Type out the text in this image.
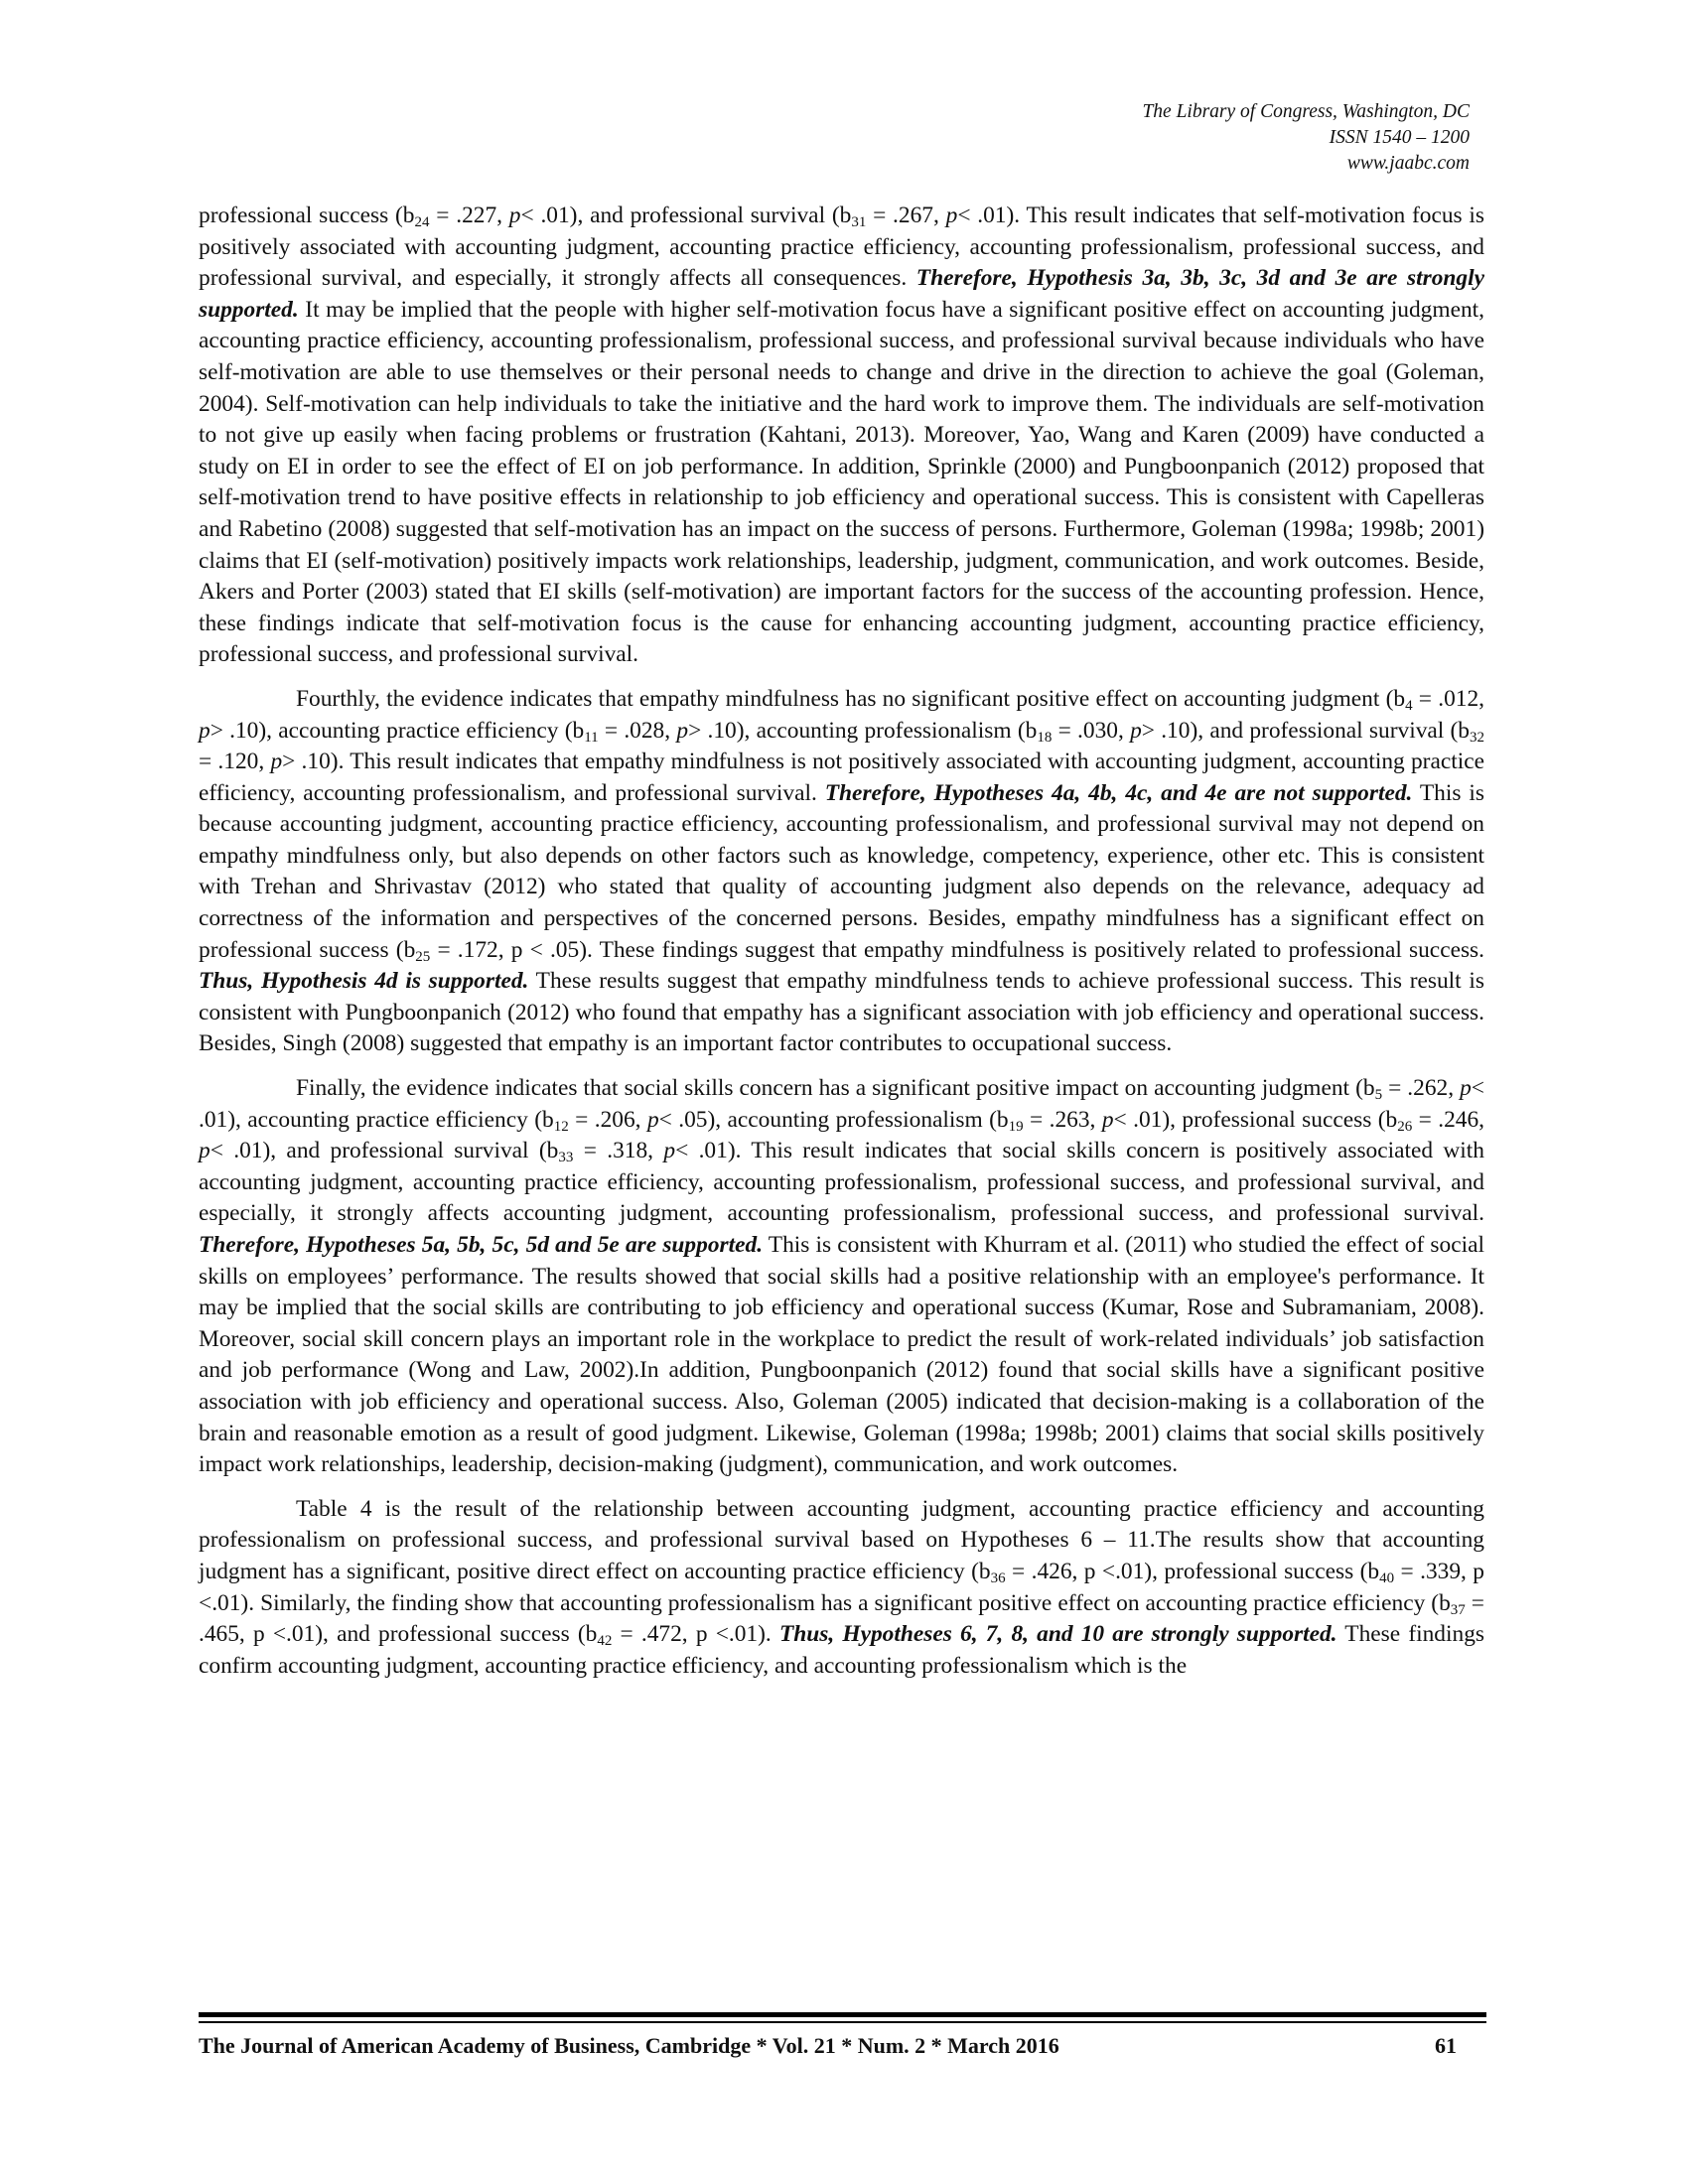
The Library of Congress, Washington, DC
ISSN 1540 – 1200
www.jaabc.com

professional success ($b_{24} = .227$, p< .01), and professional survival ($b_{31} = .267$, p< .01). This result indicates that self-motivation focus is positively associated with accounting judgment, accounting practice efficiency, accounting professionalism, professional success, and professional survival, and especially, it strongly affects all consequences. Therefore, Hypothesis 3a, 3b, 3c, 3d and 3e are strongly supported. It may be implied that the people with higher self-motivation focus have a significant positive effect on accounting judgment, accounting practice efficiency, accounting professionalism, professional success, and professional survival because individuals who have self-motivation are able to use themselves or their personal needs to change and drive in the direction to achieve the goal (Goleman, 2004). Self-motivation can help individuals to take the initiative and the hard work to improve them. The individuals are self-motivation to not give up easily when facing problems or frustration (Kahtani, 2013). Moreover, Yao, Wang and Karen (2009) have conducted a study on EI in order to see the effect of EI on job performance. In addition, Sprinkle (2000) and Pungboonpanich (2012) proposed that self-motivation trend to have positive effects in relationship to job efficiency and operational success. This is consistent with Capelleras and Rabetino (2008) suggested that self-motivation has an impact on the success of persons. Furthermore, Goleman (1998a; 1998b; 2001) claims that EI (self-motivation) positively impacts work relationships, leadership, judgment, communication, and work outcomes. Beside, Akers and Porter (2003) stated that EI skills (self-motivation) are important factors for the success of the accounting profession. Hence, these findings indicate that self-motivation focus is the cause for enhancing accounting judgment, accounting practice efficiency, professional success, and professional survival.

Fourthly, the evidence indicates that empathy mindfulness has no significant positive effect on accounting judgment ($b_4 = .012$, p> .10), accounting practice efficiency ($b_{11} = .028$, p> .10), accounting professionalism ($b_{18} = .030$, p> .10), and professional survival ($b_{32} = .120$, p> .10). This result indicates that empathy mindfulness is not positively associated with accounting judgment, accounting practice efficiency, accounting professionalism, and professional survival. Therefore, Hypotheses 4a, 4b, 4c, and 4e are not supported. This is because accounting judgment, accounting practice efficiency, accounting professionalism, and professional survival may not depend on empathy mindfulness only, but also depends on other factors such as knowledge, competency, experience, other etc. This is consistent with Trehan and Shrivastav (2012) who stated that quality of accounting judgment also depends on the relevance, adequacy ad correctness of the information and perspectives of the concerned persons. Besides, empathy mindfulness has a significant effect on professional success ($b_{25} = .172$, p < .05). These findings suggest that empathy mindfulness is positively related to professional success. Thus, Hypothesis 4d is supported. These results suggest that empathy mindfulness tends to achieve professional success. This result is consistent with Pungboonpanich (2012) who found that empathy has a significant association with job efficiency and operational success. Besides, Singh (2008) suggested that empathy is an important factor contributes to occupational success.

Finally, the evidence indicates that social skills concern has a significant positive impact on accounting judgment ($b_5 = .262$, p< .01), accounting practice efficiency ($b_{12} = .206$, p< .05), accounting professionalism ($b_{19} = .263$, p< .01), professional success ($b_{26} = .246$, p< .01), and professional survival ($b_{33} = .318$, p< .01). This result indicates that social skills concern is positively associated with accounting judgment, accounting practice efficiency, accounting professionalism, professional success, and professional survival, and especially, it strongly affects accounting judgment, accounting professionalism, professional success, and professional survival. Therefore, Hypotheses 5a, 5b, 5c, 5d and 5e are supported. This is consistent with Khurram et al. (2011) who studied the effect of social skills on employees’ performance. The results showed that social skills had a positive relationship with an employee's performance. It may be implied that the social skills are contributing to job efficiency and operational success (Kumar, Rose and Subramaniam, 2008). Moreover, social skill concern plays an important role in the workplace to predict the result of work-related individuals’ job satisfaction and job performance (Wong and Law, 2002).In addition, Pungboonpanich (2012) found that social skills have a significant positive association with job efficiency and operational success. Also, Goleman (2005) indicated that decision-making is a collaboration of the brain and reasonable emotion as a result of good judgment. Likewise, Goleman (1998a; 1998b; 2001) claims that social skills positively impact work relationships, leadership, decision-making (judgment), communication, and work outcomes.

Table 4 is the result of the relationship between accounting judgment, accounting practice efficiency and accounting professionalism on professional success, and professional survival based on Hypotheses 6 – 11.The results show that accounting judgment has a significant, positive direct effect on accounting practice efficiency ($b_{36} = .426$, p <.01), professional success ($b_{40} = .339$, p <.01). Similarly, the finding show that accounting professionalism has a significant positive effect on accounting practice efficiency ($b_{37} = .465$, p <.01), and professional success ($b_{42} = .472$, p <.01). Thus, Hypotheses 6, 7, 8, and 10 are strongly supported. These findings confirm accounting judgment, accounting practice efficiency, and accounting professionalism which is the

The Journal of American Academy of Business, Cambridge * Vol. 21 * Num. 2 * March 2016	61
